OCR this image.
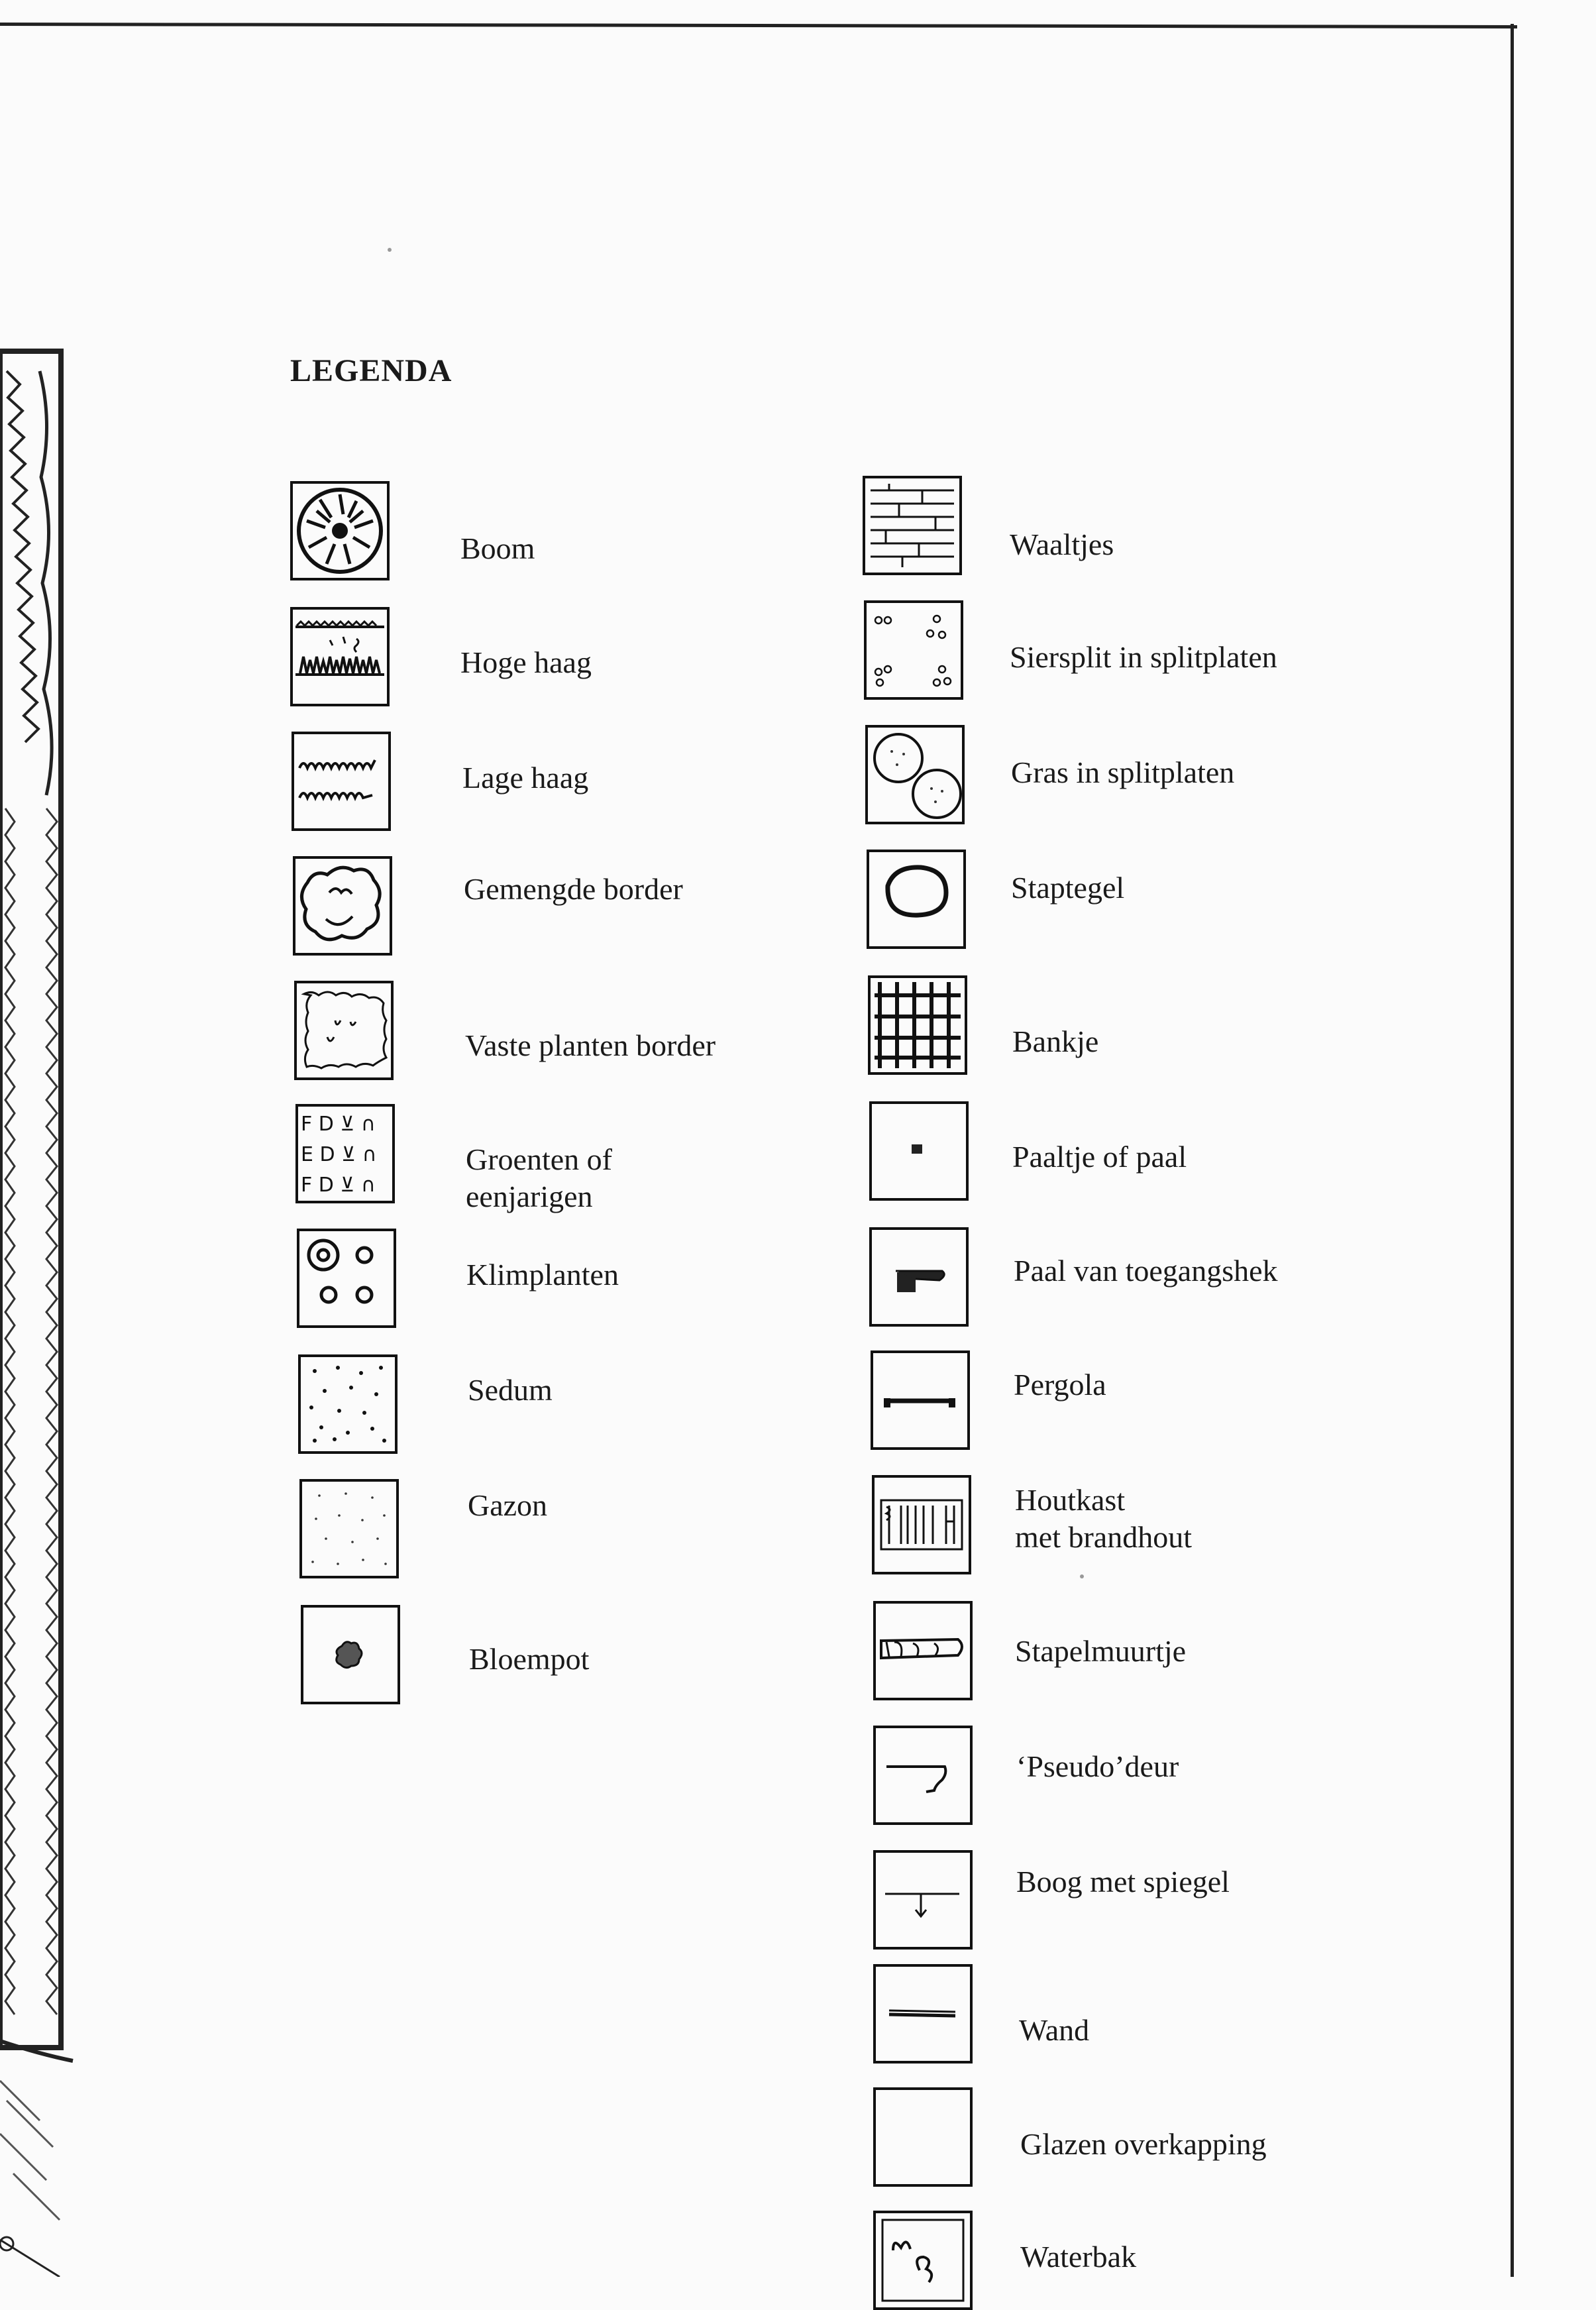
LEGENDA
Boom
Hoge haag
Lage haag
Gemengde border
Vaste planten border
F D ⊻ ∩
E D ⊻ ∩
F D ⊻ ∩
Groenten of
eenjarigen
Klimplanten
Sedum
Gazon
Bloempot
Waaltjes
Siersplit in splitplaten
Gras in splitplaten
Staptegel
Bankje
Paaltje of paal
Paal van toegangshek
Pergola
Houtkast
met brandhout
Stapelmuurtje
‘Pseudo’deur
Boog met spiegel
Wand
Glazen overkapping
Waterbak
